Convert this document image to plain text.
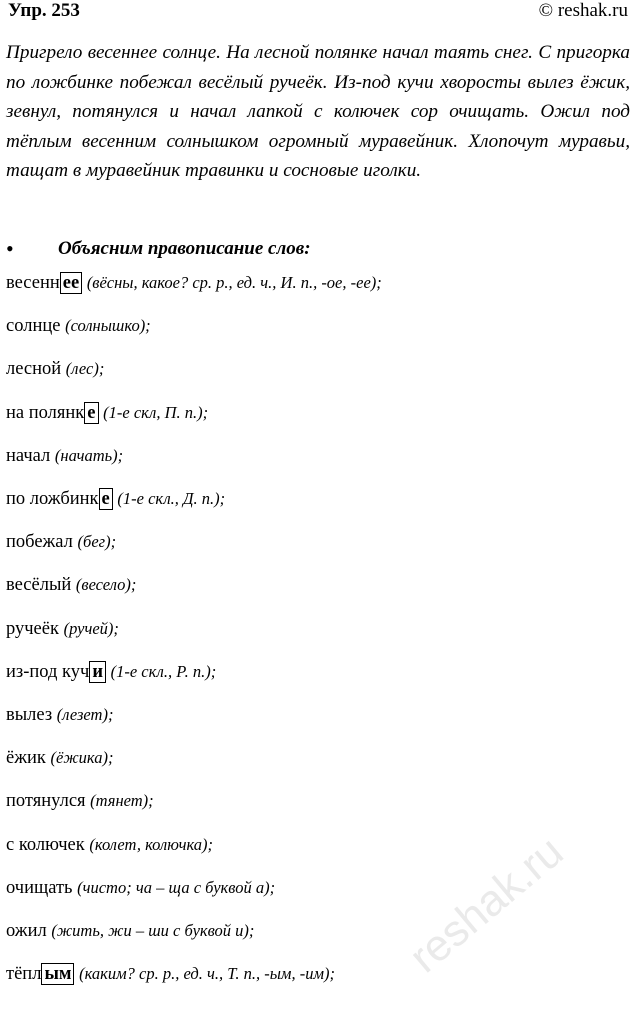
Упр. 253	© reshak.ru
Пригрело весеннее солнце. На лесной полянке начал таять снег. С пригорка по ложбинке побежал весёлый ручеёк. Из-под кучи хворосты вылез ёжик, зевнул, потянулся и начал лапкой с колючек сор очищать. Ожил под тёплым весенним солнышком огромный муравейник. Хлопочут муравьи, тащат в муравейник травинки и сосновые иголки.
• Объясним правописание слов:
весенн ее (вёсны, какое? ср. р., ед. ч., И. п., -ое, -ее);
солнце (солнышко);
лесной (лес);
на полянк е (1-е скл, П. п.);
начал (начать);
по ложбинк е (1-е скл., Д. п.);
побежал (бег);
весёлый (весело);
ручеёк (ручей);
из-под куч и (1-е скл., Р. п.);
вылез (лезет);
ёжик (ёжика);
потянулся (тянет);
с колючек (колет, колючка);
очищать (чисто; ча – ща с буквой а);
ожил (жить, жи – ши с буквой и);
тёпл ым (каким? ср. р., ед. ч., Т. п., -ым, -им); reshak.ru
